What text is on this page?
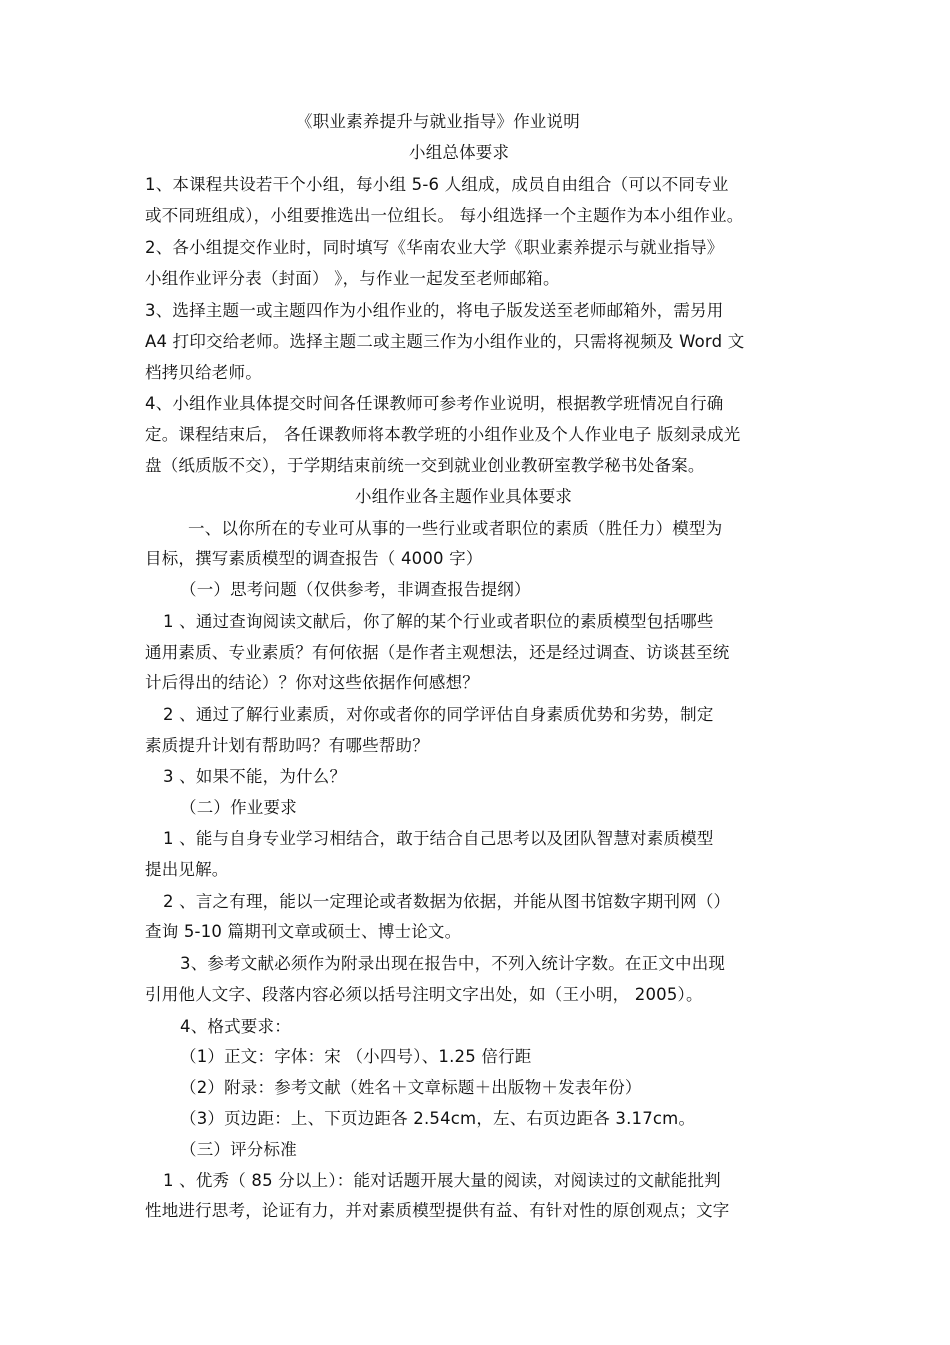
《职业素养提升与就业指导》作业说明
小组总体要求
1、本课程共设若干个小组，每小组 5-6 人组成，成员自由组合（可以不同专业
或不同班组成），小组要推选出一位组长。 每小组选择一个主题作为本小组作业。
2、各小组提交作业时，同时填写《华南农业大学《职业素养提示与就业指导》
小组作业评分表（封面） 》，与作业一起发至老师邮箱。
3、选择主题一或主题四作为小组作业的，将电子版发送至老师邮箱外，需另用
A4 打印交给老师。选择主题二或主题三作为小组作业的，只需将视频及 Word 文
档拷贝给老师。
4、小组作业具体提交时间各任课教师可参考作业说明，根据教学班情况自行确
定。课程结束后， 各任课教师将本教学班的小组作业及个人作业电子 版刻录成光
盘（纸质版不交），于学期结束前统一交到就业创业教研室教学秘书处备案。
小组作业各主题作业具体要求
一、以你所在的专业可从事的一些行业或者职位的素质（胜任力）模型为
目标，撰写素质模型的调查报告（ 4000 字）
（一）思考问题（仅供参考，非调查报告提纲）
1 、通过查询阅读文献后，你了解的某个行业或者职位的素质模型包括哪些
通用素质、专业素质？有何依据（是作者主观想法，还是经过调查、访谈甚至统
计后得出的结论）？你对这些依据作何感想？
2 、通过了解行业素质，对你或者你的同学评估自身素质优势和劣势，制定
素质提升计划有帮助吗？有哪些帮助？
3 、如果不能，为什么？
（二）作业要求
1 、能与自身专业学习相结合，敢于结合自己思考以及团队智慧对素质模型
提出见解。
2 、言之有理，能以一定理论或者数据为依据，并能从图书馆数字期刊网（）
查询 5-10 篇期刊文章或硕士、博士论文。
3、参考文献必须作为附录出现在报告中，不列入统计字数。在正文中出现
引用他人文字、段落内容必须以括号注明文字出处，如（王小明， 2005）。
4、格式要求：
（1）正文：字体：宋 （小四号）、1.25 倍行距
（2）附录：参考文献（姓名＋文章标题＋出版物＋发表年份）
（3）页边距：上、下页边距各 2.54cm，左、右页边距各 3.17cm。
（三）评分标准
1 、优秀（ 85 分以上）：能对话题开展大量的阅读，对阅读过的文献能批判
性地进行思考，论证有力，并对素质模型提供有益、有针对性的原创观点；文字
